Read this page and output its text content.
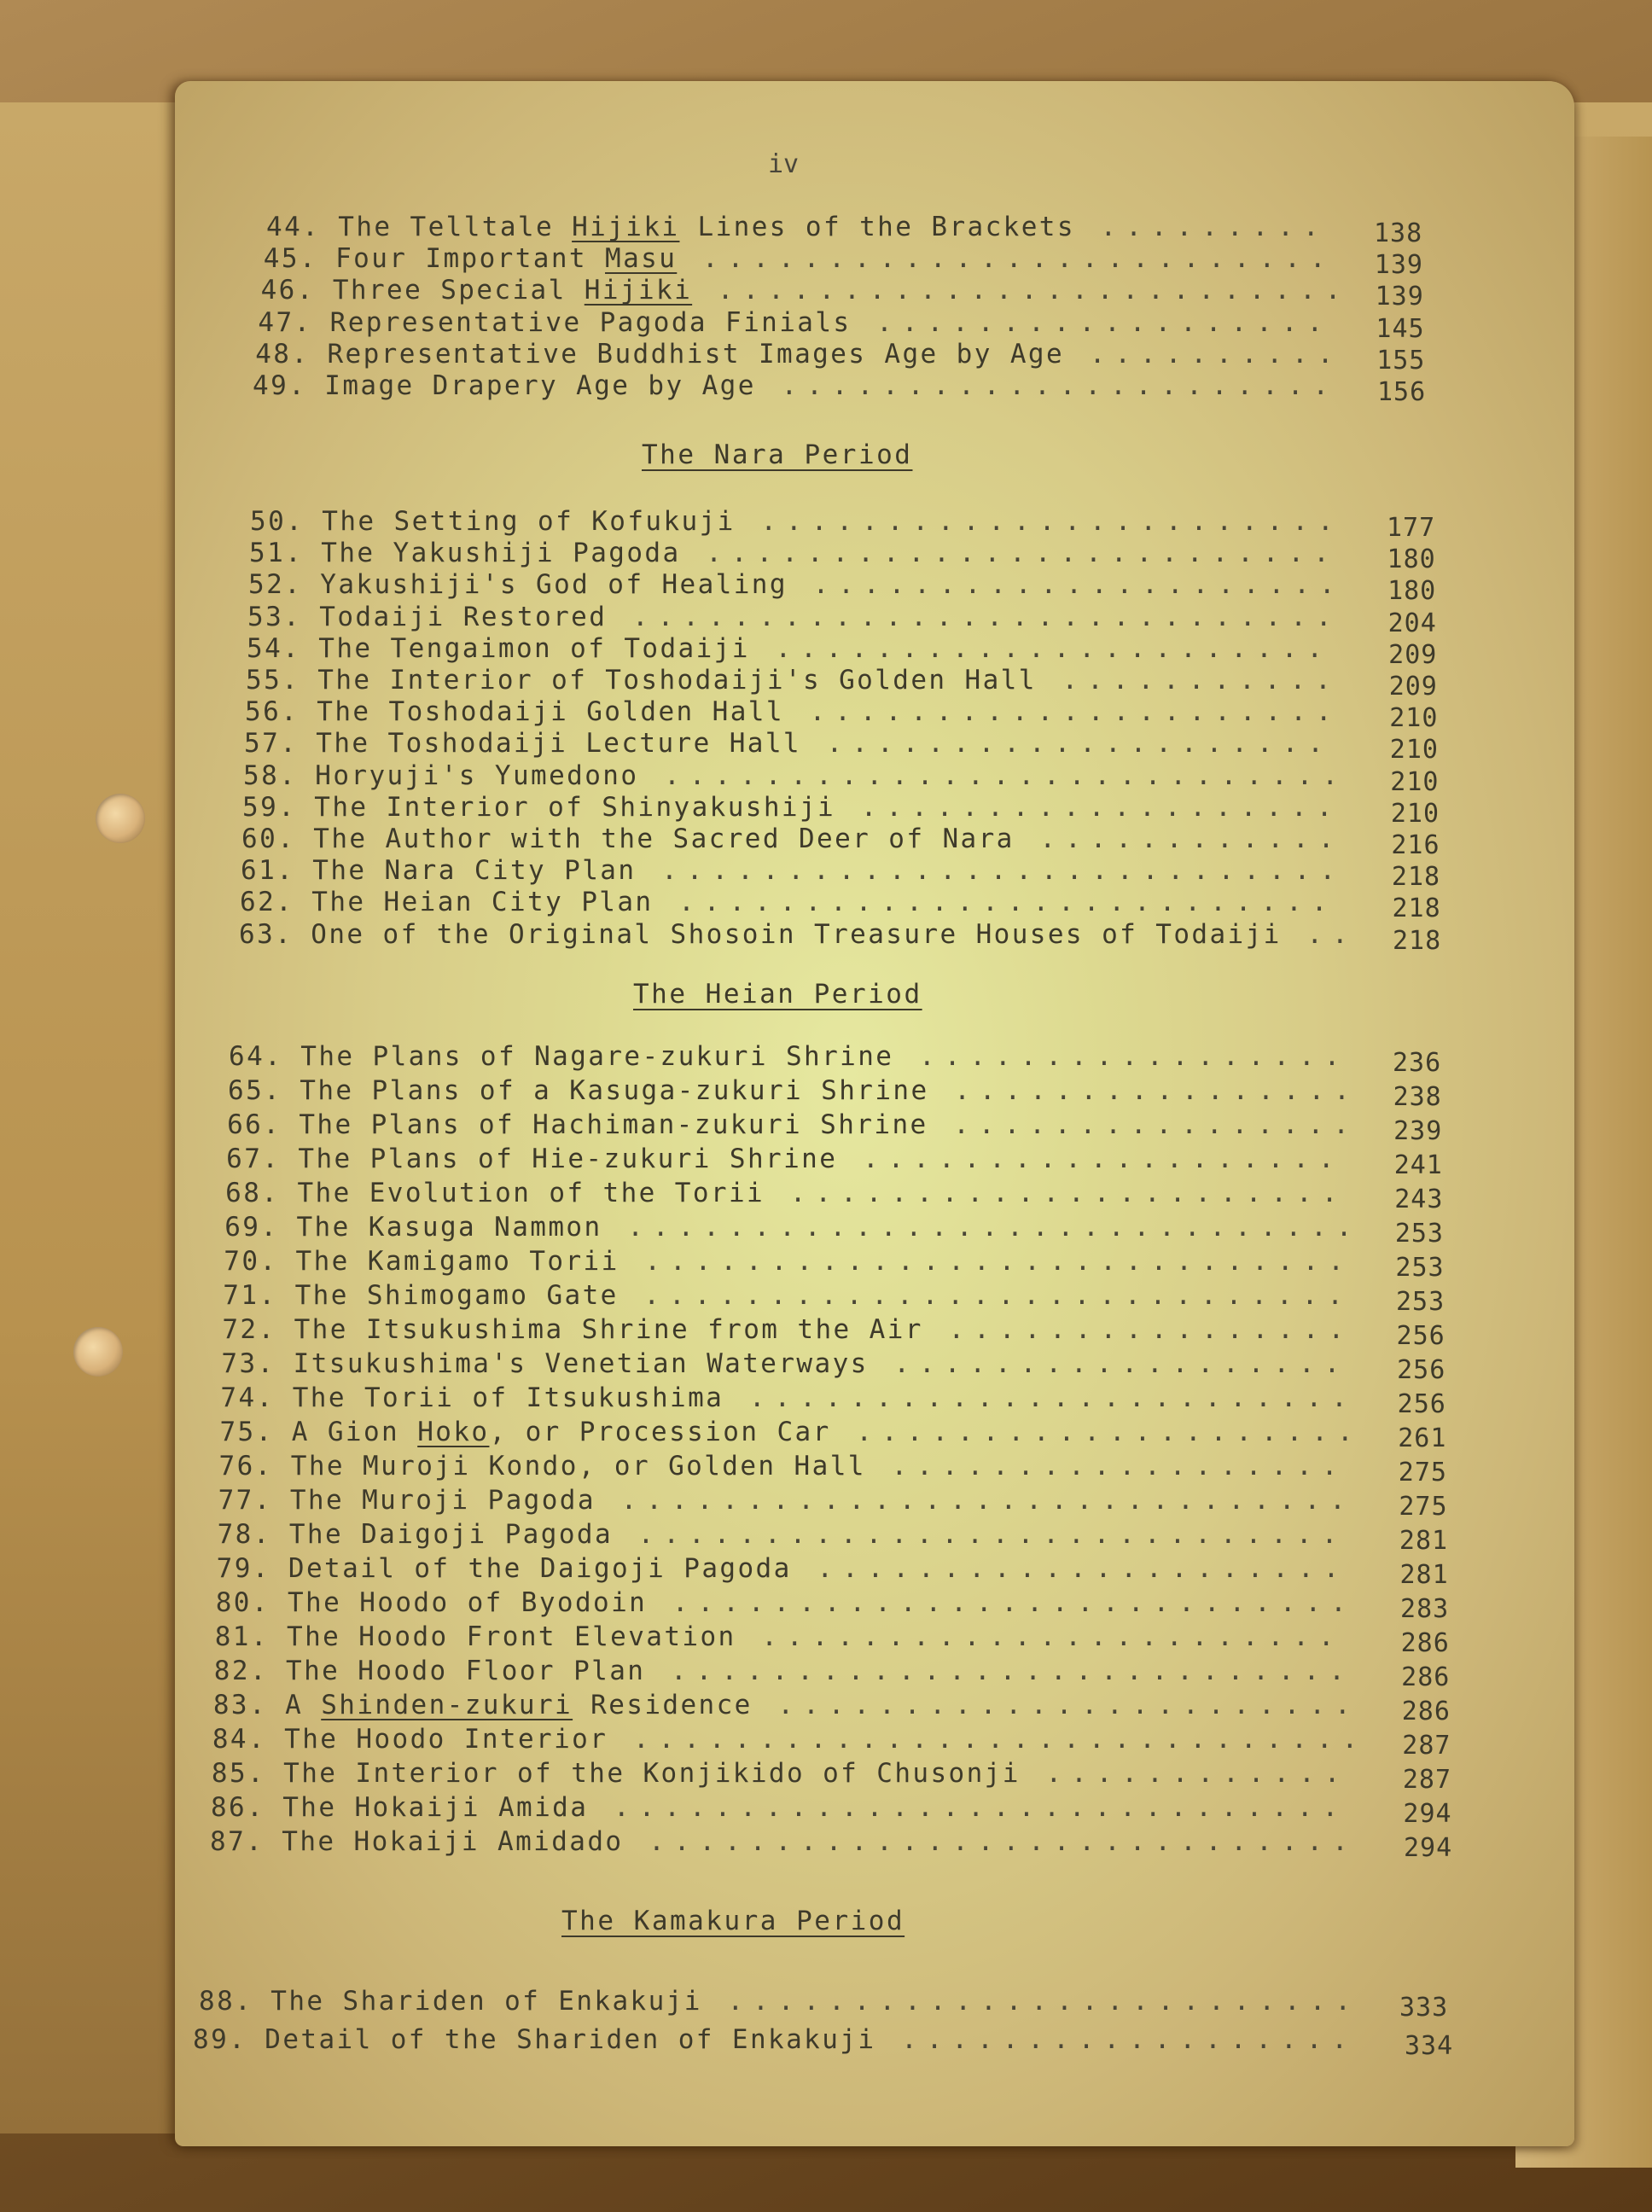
iv
The Nara Period
The Heian Period
The Kamakura Period
44. The Telltale Hijiki Lines of the Brackets ......... 138
45. Four Important Masu ......................... 139
46. Three Special Hijiki ......................... 139
47. Representative Pagoda Finials .................. 145
48. Representative Buddhist Images Age by Age .......... 155
49. Image Drapery Age by Age ...................... 156
50. The Setting of Kofukuji ....................... 177
51. The Yakushiji Pagoda ......................... 180
52. Yakushiji's God of Healing ..................... 180
53. Todaiji Restored ............................ 204
54. The Tengaimon of Todaiji ...................... 209
55. The Interior of Toshodaiji's Golden Hall ........... 209
56. The Toshodaiji Golden Hall ..................... 210
57. The Toshodaiji Lecture Hall .................... 210
58. Horyuji's Yumedono ........................... 210
59. The Interior of Shinyakushiji ................... 210
60. The Author with the Sacred Deer of Nara ............ 216
61. The Nara City Plan ........................... 218
62. The Heian City Plan .......................... 218
63. One of the Original Shosoin Treasure Houses of Todaiji .. 218
64. The Plans of Nagare-zukuri Shrine ................. 236
65. The Plans of a Kasuga-zukuri Shrine ................ 238
66. The Plans of Hachiman-zukuri Shrine ................ 239
67. The Plans of Hie-zukuri Shrine ................... 241
68. The Evolution of the Torii ...................... 243
69. The Kasuga Nammon ............................. 253
70. The Kamigamo Torii ............................ 253
71. The Shimogamo Gate ............................ 253
72. The Itsukushima Shrine from the Air ................ 256
73. Itsukushima's Venetian Waterways .................. 256
74. The Torii of Itsukushima ........................ 256
75. A Gion Hoko, or Procession Car .................... 261
76. The Muroji Kondo, or Golden Hall .................. 275
77. The Muroji Pagoda ............................. 275
78. The Daigoji Pagoda ............................ 281
79. Detail of the Daigoji Pagoda ..................... 281
80. The Hoodo of Byodoin ........................... 283
81. The Hoodo Front Elevation ....................... 286
82. The Hoodo Floor Plan ........................... 286
83. A Shinden-zukuri Residence ....................... 286
84. The Hoodo Interior ............................. 287
85. The Interior of the Konjikido of Chusonji ............ 287
86. The Hokaiji Amida ............................. 294
87. The Hokaiji Amidado ............................ 294
88. The Shariden of Enkakuji ......................... 333
89. Detail of the Shariden of Enkakuji .................. 334
